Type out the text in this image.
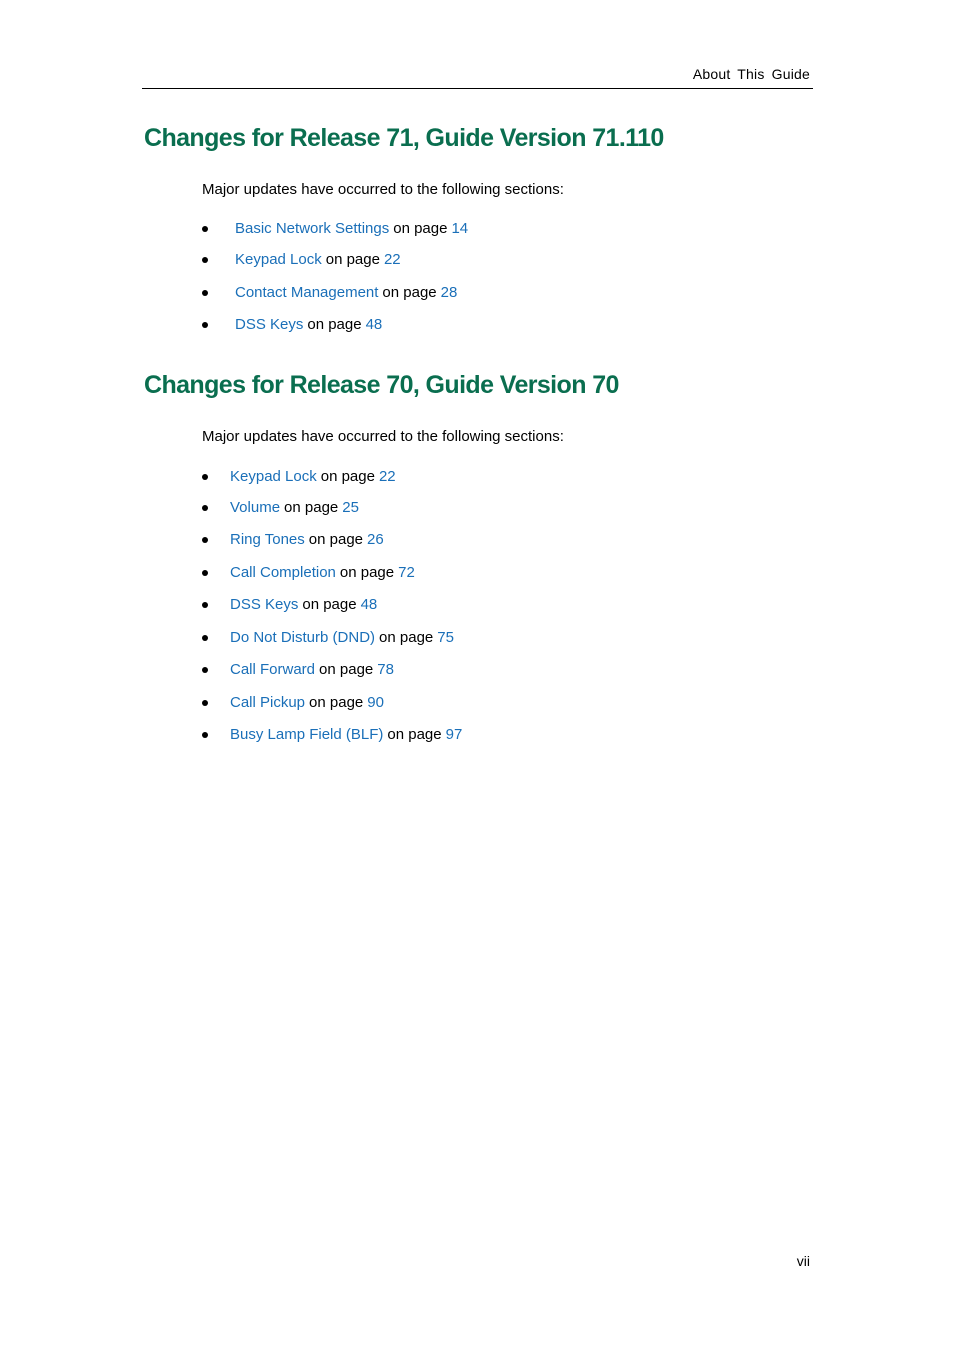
About This Guide
Changes for Release 71, Guide Version 71.110
Major updates have occurred to the following sections:
Basic Network Settings on page 14
Keypad Lock on page 22
Contact Management on page 28
DSS Keys on page 48
Changes for Release 70, Guide Version 70
Major updates have occurred to the following sections:
Keypad Lock on page 22
Volume on page 25
Ring Tones on page 26
Call Completion on page 72
DSS Keys on page 48
Do Not Disturb (DND) on page 75
Call Forward on page 78
Call Pickup on page 90
Busy Lamp Field (BLF) on page 97
vii
